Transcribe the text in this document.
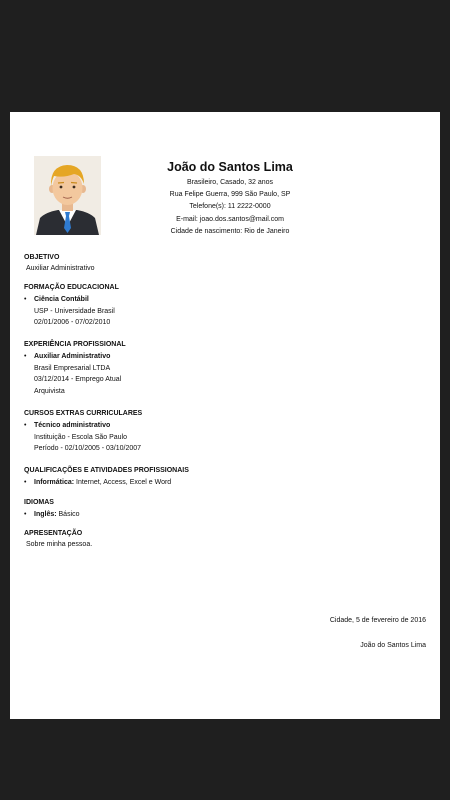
João do Santos Lima
Brasileiro, Casado, 32 anos
Rua Felipe Guerra, 999 São Paulo, SP
Telefone(s): 11 2222-0000
E-mail: joao.dos.santos@mail.com
Cidade de nascimento: Rio de Janeiro
OBJETIVO
Auxiliar Administrativo
FORMAÇÃO EDUCACIONAL
• Ciência Contábil
USP - Universidade Brasil
02/01/2006 - 07/02/2010
EXPERIÊNCIA PROFISSIONAL
• Auxiliar Administrativo
Brasil Empresarial LTDA
03/12/2014 - Emprego Atual
Arquivista
CURSOS EXTRAS CURRICULARES
• Técnico administrativo
Instituição - Escola São Paulo
Período - 02/10/2005 - 03/10/2007
QUALIFICAÇÕES E ATIVIDADES PROFISSIONAIS
• Informática: Internet, Access, Excel e Word
IDIOMAS
• Inglês: Básico
APRESENTAÇÃO
Sobre minha pessoa.
Cidade, 5 de fevereiro de 2016
João do Santos Lima
